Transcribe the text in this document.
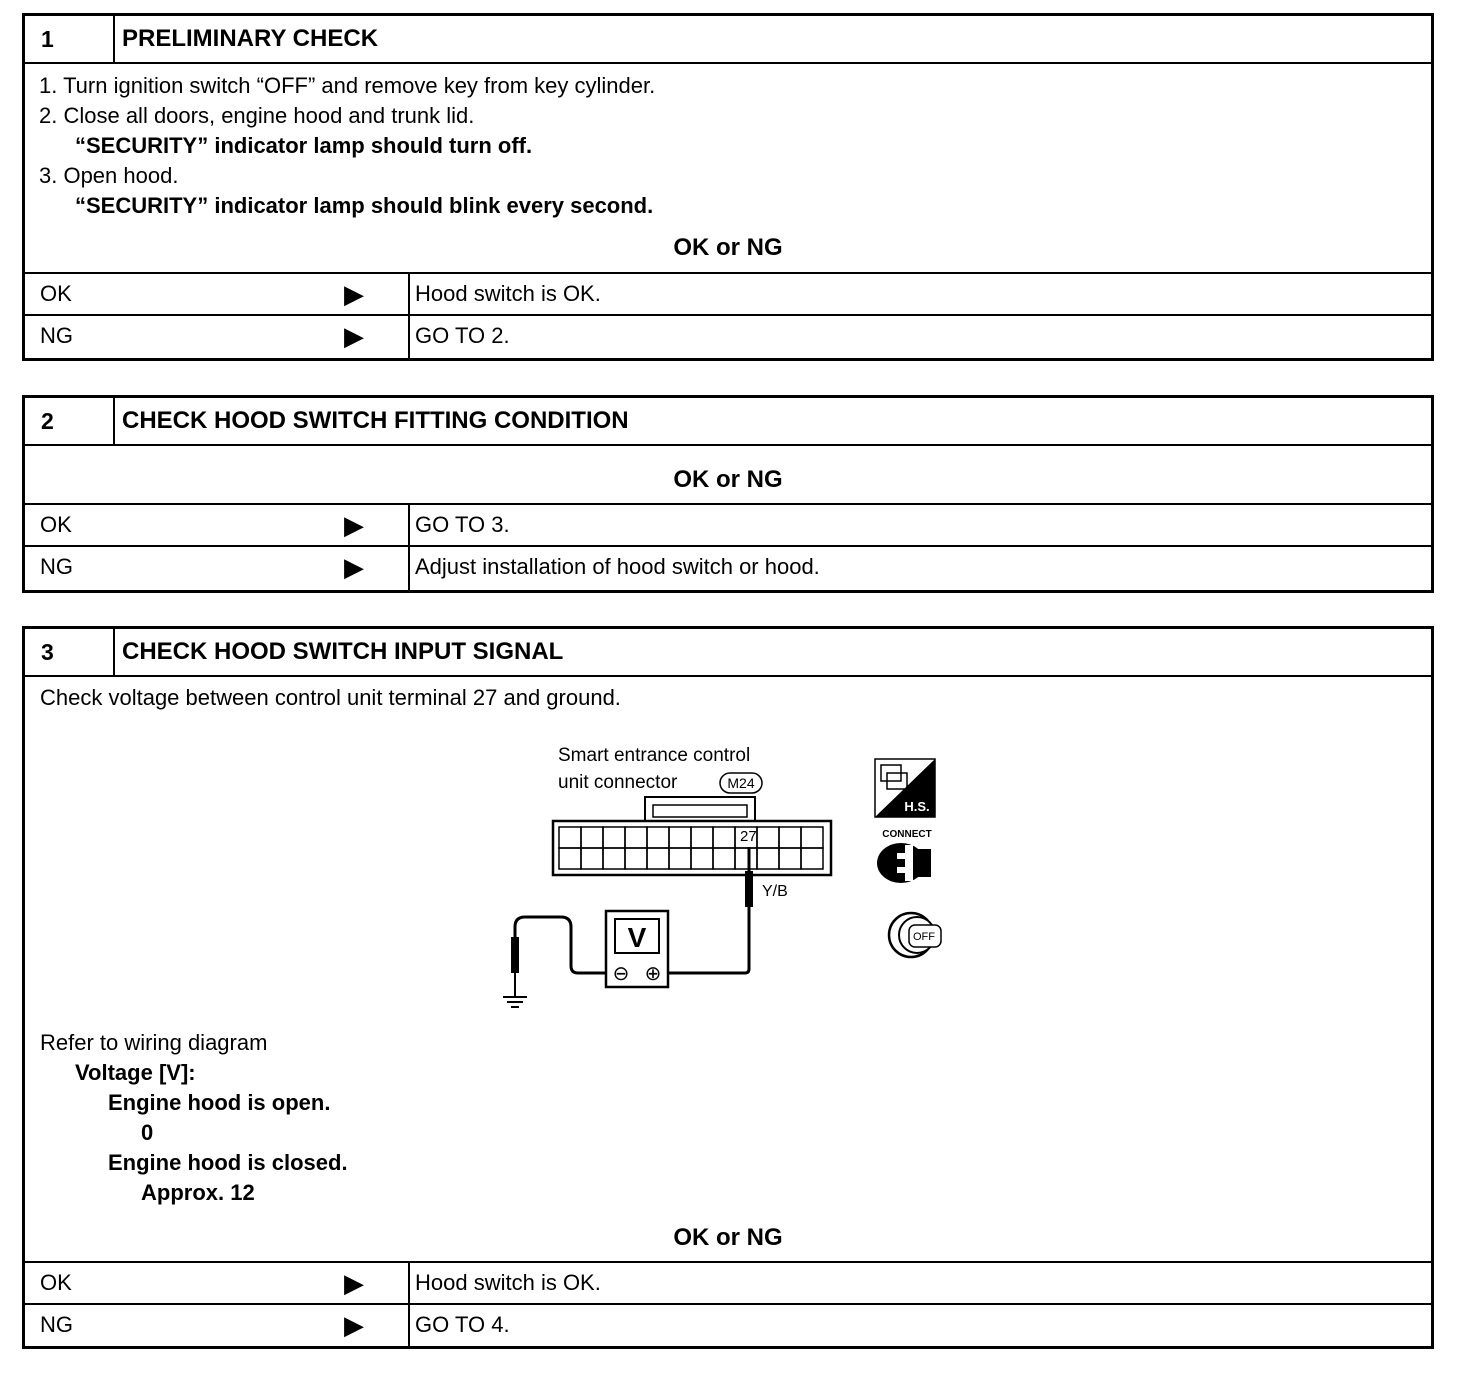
1	PRELIMINARY CHECK
1. Turn ignition switch “OFF” and remove key from key cylinder.
2. Close all doors, engine hood and trunk lid.
“SECURITY” indicator lamp should turn off.
3. Open hood.
“SECURITY” indicator lamp should blink every second.
OK or NG
OK	▶ Hood switch is OK.
NG	▶ GO TO 2.
2	CHECK HOOD SWITCH FITTING CONDITION
OK or NG
OK	▶ GO TO 3.
NG	▶ Adjust installation of hood switch or hood.
3	CHECK HOOD SWITCH INPUT SIGNAL
Check voltage between control unit terminal 27 and ground.
Smart entrance control
unit connector	M24
27
Y/B
V
⊖ ⊕
H.S.
CONNECT
OFF
Refer to wiring diagram
Voltage [V]:
Engine hood is open.
0
Engine hood is closed.
Approx. 12
OK or NG
OK	▶ Hood switch is OK.
NG	▶ GO TO 4.
